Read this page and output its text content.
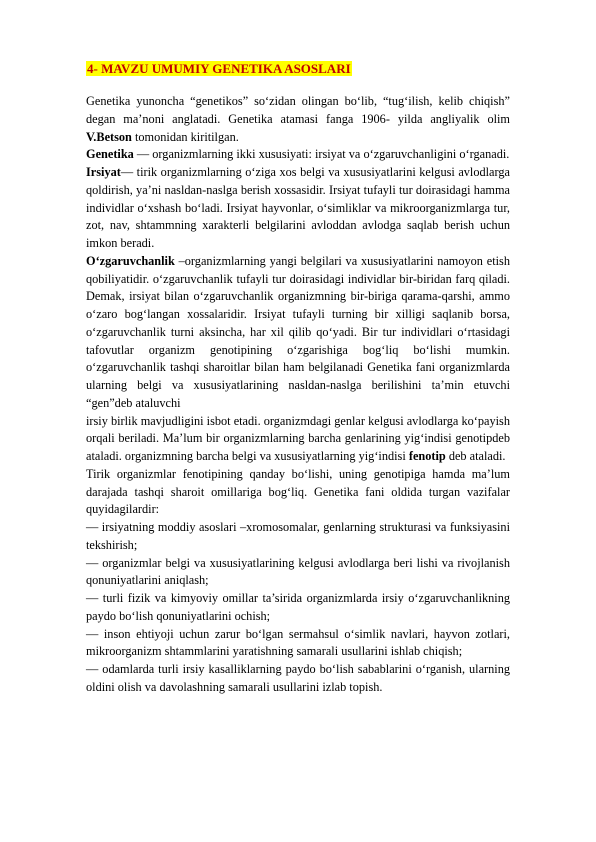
4- MAVZU UMUMIY GENETIKA ASOSLARI

Genetika yunoncha “genetikos” so‘zidan olingan bo‘lib, “tug‘ilish, kelib chiqish” degan ma’noni anglatadi. Genetika atamasi fanga 1906- yilda angliyalik olim V.Betson tomonidan kiritilgan.

Genetika — organizmlarning ikki xususiyati: irsiyat va o‘zgaruvchanligini o‘rganadi.

Irsiyat— tirik organizmlarning o‘ziga xos belgi va xususiyatlarini kelgusi avlodlarga qoldirish, ya’ni nasldan-naslga berish xossasidir. Irsiyat tufayli tur doirasidagi hamma individlar o‘xshash bo‘ladi. Irsiyat hayvonlar, o‘simliklar va mikroorganizmlarga tur, zot, nav, shtammning xarakterli belgilarini avloddan avlodga saqlab berish uchun imkon beradi.

O‘zgaruvchanlik –organizmlarning yangi belgilari va xususiyatlarini namoyon etish qobiliyatidir. o‘zgaruvchanlik tufayli tur doirasidagi individlar bir-biridan farq qiladi. Demak, irsiyat bilan o‘zgaruvchanlik organizmning bir-biriga qarama-qarshi, ammo o‘zaro bog‘langan xossalaridir. Irsiyat tufayli turning bir xilligi saqlanib borsa, o‘zgaruvchanlik turni aksincha, har xil qilib qo‘yadi. Bir tur individlari o‘rtasidagi tafovutlar organizm genotipining o‘zgarishiga bog‘liq bo‘lishi mumkin. o‘zgaruvchanlik tashqi sharoitlar bilan ham belgilanadi Genetika fani organizmlarda ularning belgi va xususiyatlarining nasldan-naslga berilishini ta’min etuvchi “gen”deb ataluvchi

irsiy birlik mavjudligini isbot etadi. organizmdagi genlar kelgusi avlodlarga ko‘payish orqali beriladi. Ma’lum bir organizmlarning barcha genlarining yig‘indisi genotipdeb ataladi. organizmning barcha belgi va xususiyatlarning yig‘indisi fenotip deb ataladi.

Tirik organizmlar fenotipining qanday bo‘lishi, uning genotipiga hamda ma’lum darajada tashqi sharoit omillariga bog‘liq. Genetika fani oldida turgan vazifalar quyidagilardir:

— irsiyatning moddiy asoslari –xromosomalar, genlarning strukturasi va funksiyasini tekshirish;

— organizmlar belgi va xususiyatlarining kelgusi avlodlarga beri lishi va rivojlanish qonuniyatlarini aniqlash;

— turli fizik va kimyoviy omillar ta’sirida organizmlarda irsiy o‘zgaruvchanlikning paydo bo‘lish qonuniyatlarini ochish;

— inson ehtiyoji uchun zarur bo‘lgan sermahsul o‘simlik navlari, hayvon zotlari, mikroorganizm shtammlarini yaratishning samarali usullarini ishlab chiqish;

— odamlarda turli irsiy kasalliklarning paydo bo‘lish sabablarini o‘rganish, ularning oldini olish va davolashning samarali usullarini izlab topish.
